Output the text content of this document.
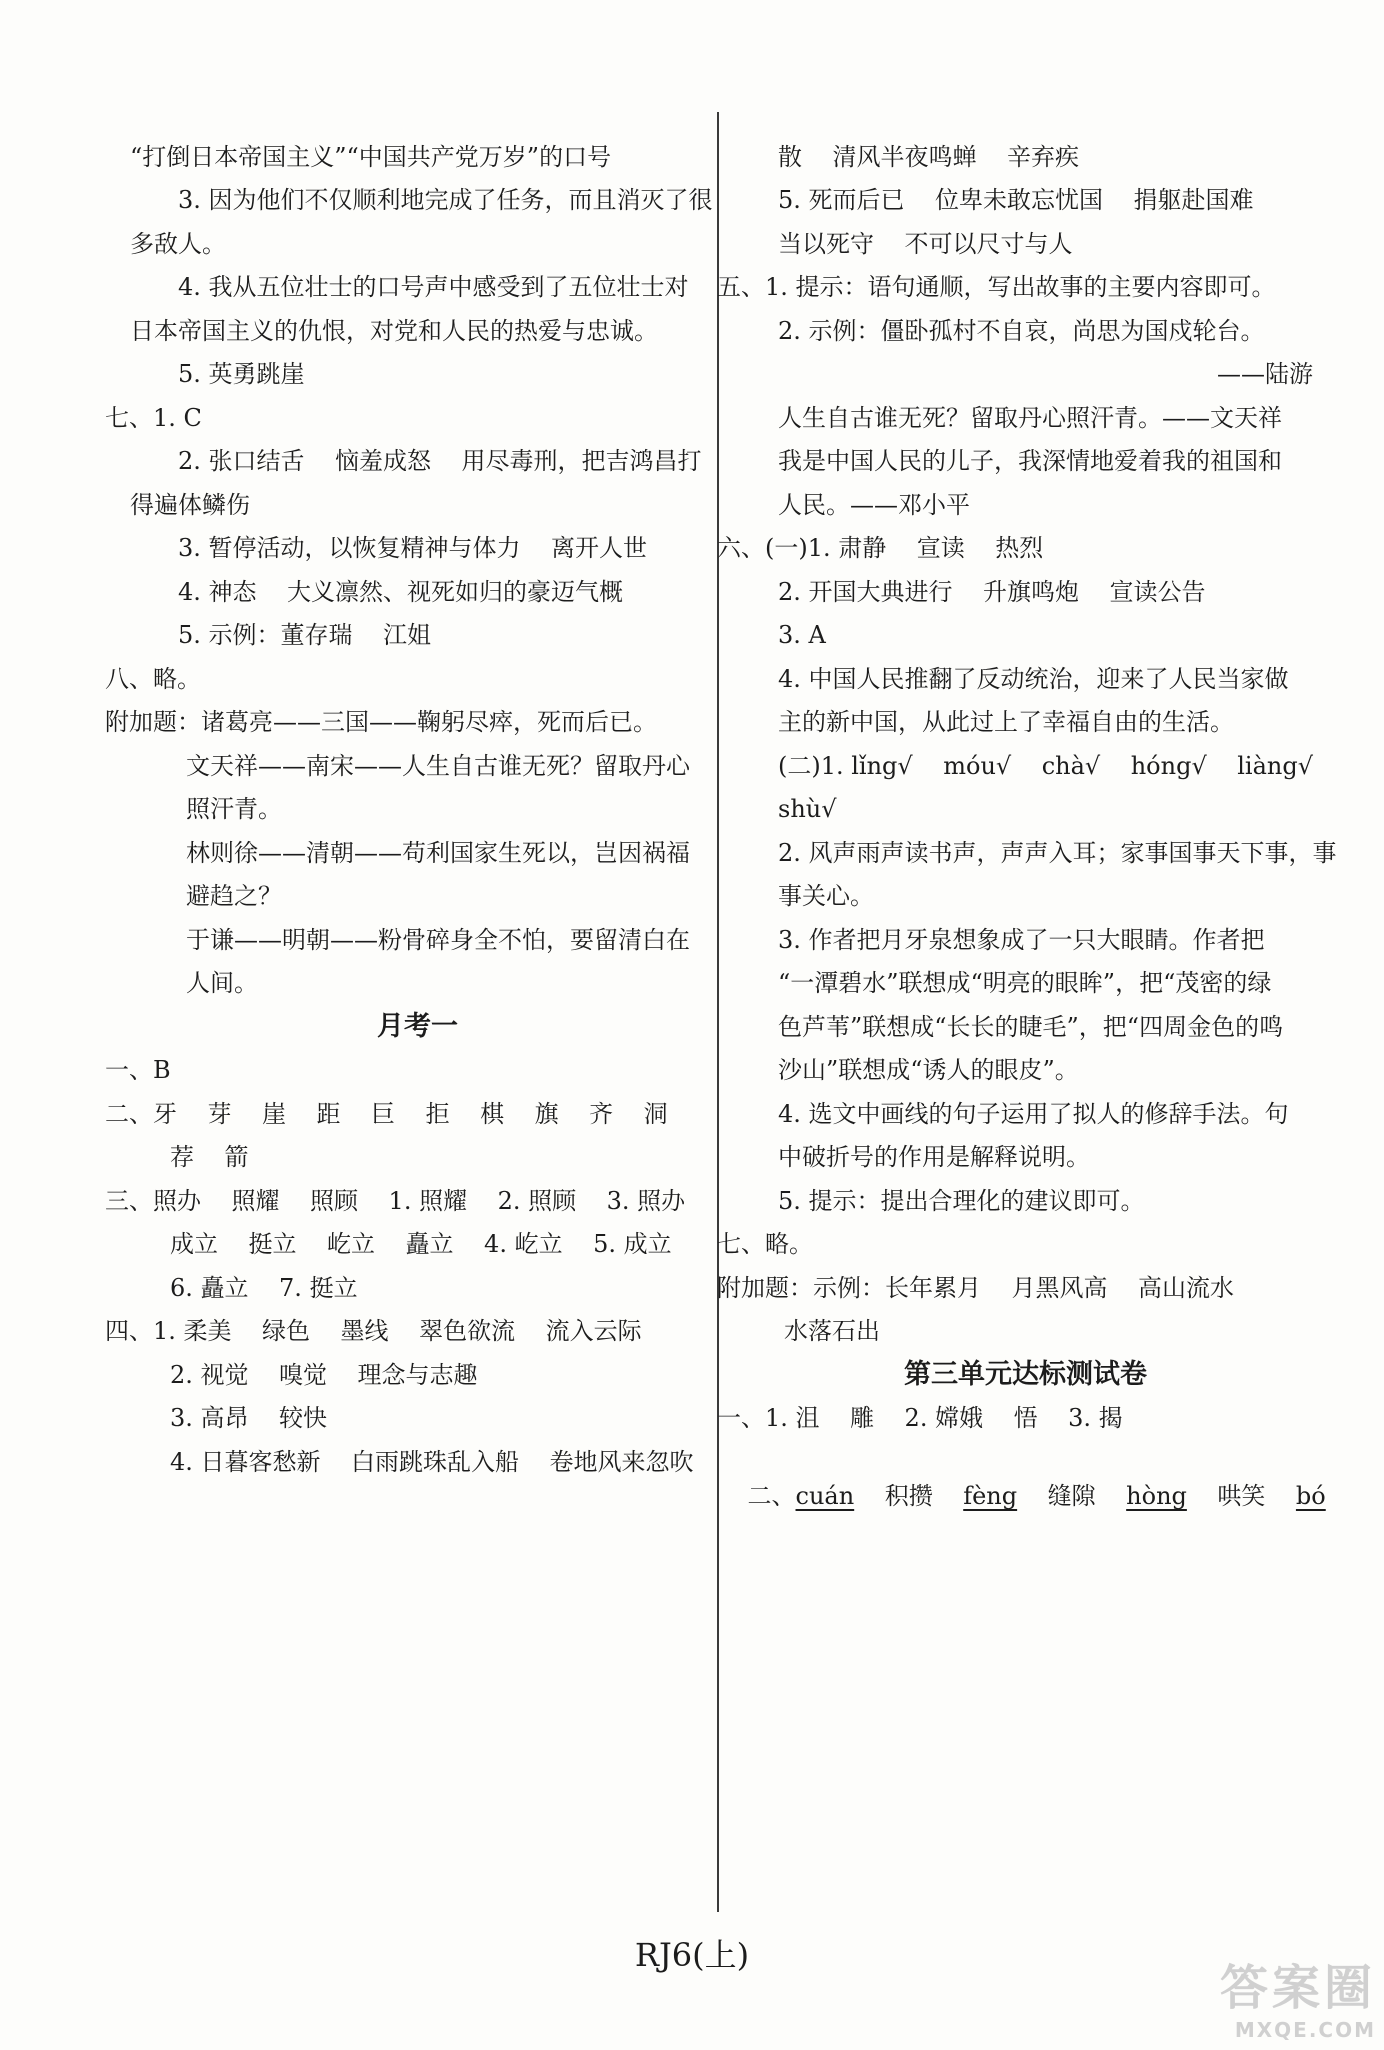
“打倒日本帝国主义”“中国共产党万岁”的口号
3. 因为他们不仅顺利地完成了任务，而且消灭了很
多敌人。
4. 我从五位壮士的口号声中感受到了五位壮士对
日本帝国主义的仇恨，对党和人民的热爱与忠诚。
5. 英勇跳崖
七、1. C
2. 张口结舌    恼羞成怒    用尽毒刑，把吉鸿昌打
得遍体鳞伤
3. 暂停活动，以恢复精神与体力    离开人世
4. 神态    大义凛然、视死如归的豪迈气概
5. 示例：董存瑞    江姐
八、略。
附加题：诸葛亮——三国——鞠躬尽瘁，死而后已。
文天祥——南宋——人生自古谁无死？留取丹心
照汗青。
林则徐——清朝——苟利国家生死以，岂因祸福
避趋之？
于谦——明朝——粉骨碎身全不怕，要留清白在
人间。
月考一
一、B
二、牙    芽    崖    距    巨    拒    棋    旗    齐    洞
荐    箭
三、照办    照耀    照顾    1. 照耀    2. 照顾    3. 照办
成立    挺立    屹立    矗立    4. 屹立    5. 成立
6. 矗立    7. 挺立
四、1. 柔美    绿色    墨线    翠色欲流    流入云际
2. 视觉    嗅觉    理念与志趣
3. 高昂    较快
4. 日暮客愁新    白雨跳珠乱入船    卷地风来忽吹
散    清风半夜鸣蝉    辛弃疾
5. 死而后已    位卑未敢忘忧国    捐躯赴国难
当以死守    不可以尺寸与人
五、1. 提示：语句通顺，写出故事的主要内容即可。
2. 示例：僵卧孤村不自哀，尚思为国戍轮台。
——陆游
人生自古谁无死？留取丹心照汗青。——文天祥
我是中国人民的儿子，我深情地爱着我的祖国和
人民。——邓小平
六、(一)1. 肃静    宣读    热烈
2. 开国大典进行    升旗鸣炮    宣读公告
3. A
4. 中国人民推翻了反动统治，迎来了人民当家做
主的新中国，从此过上了幸福自由的生活。
(二)1. lǐng√    móu√    chà√    hóng√    liàng√
shù√
2. 风声雨声读书声，声声入耳；家事国事天下事，事
事关心。
3. 作者把月牙泉想象成了一只大眼睛。作者把
“一潭碧水”联想成“明亮的眼眸”，把“茂密的绿
色芦苇”联想成“长长的睫毛”，把“四周金色的鸣
沙山”联想成“诱人的眼皮”。
4. 选文中画线的句子运用了拟人的修辞手法。句
中破折号的作用是解释说明。
5. 提示：提出合理化的建议即可。
七、略。
附加题：示例：长年累月    月黑风高    高山流水
水落石出
第三单元达标测试卷
一、1. 沮    雕    2. 嫦娥    悟    3. 揭

二、cuán 积攒 fèng 缝隙 hòng 哄笑 bó

RJ6(上)
答案圈
MXQE.COM
